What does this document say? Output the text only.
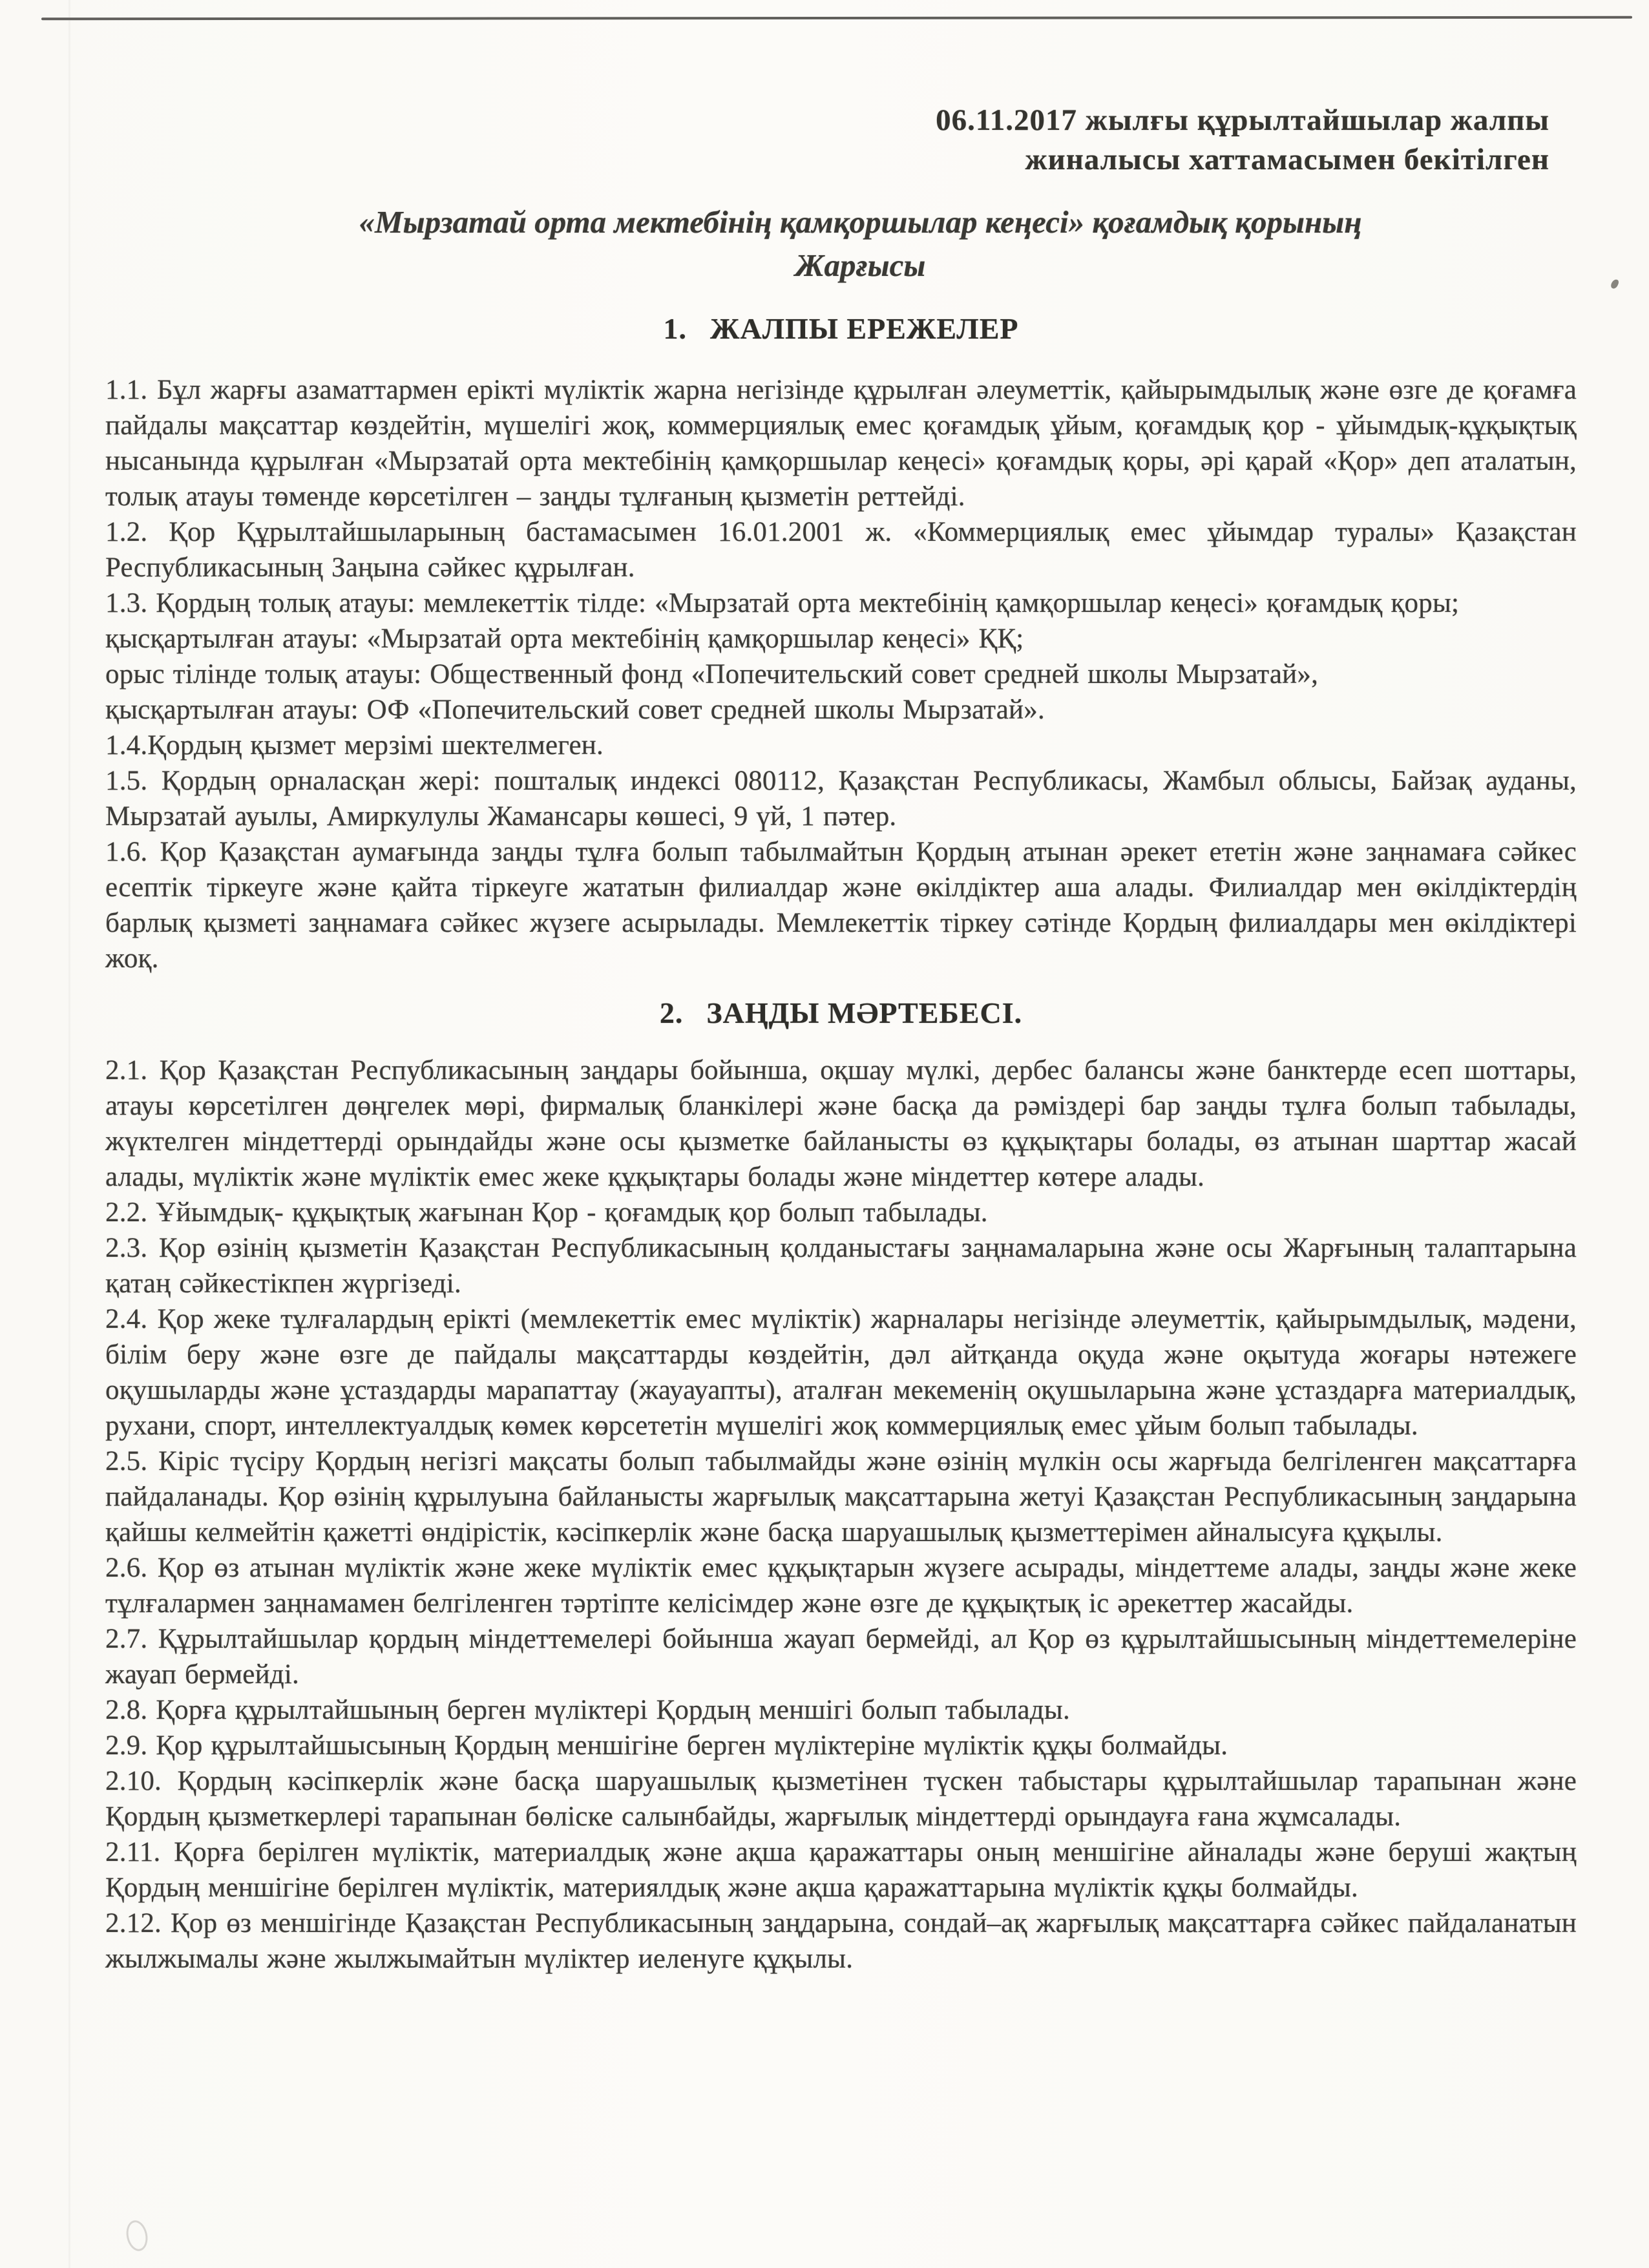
06.11.2017 жылғы құрылтайшылар жалпы
жиналысы хаттамасымен бекітілген
«Мырзатай орта мектебінің қамқоршылар кеңесі» қоғамдық қорының
Жарғысы
1. ЖАЛПЫ ЕРЕЖЕЛЕР

1.1. Бұл жарғы азаматтармен ерікті мүліктік жарна негізінде құрылған әлеуметтік, қайырымдылық және өзге де қоғамға пайдалы мақсаттар көздейтін, мүшелігі жоқ, коммерциялық емес қоғамдық ұйым, қоғамдық қор - ұйымдық-құқықтық нысанында құрылған «Мырзатай орта мектебінің қамқоршылар кеңесі» қоғамдық қоры, әрі қарай «Қор» деп аталатын, толық атауы төменде көрсетілген – заңды тұлғаның қызметін реттейді.

1.2. Қор Құрылтайшыларының бастамасымен 16.01.2001 ж. «Коммерциялық емес ұйымдар туралы» Қазақстан Республикасының Заңына сәйкес құрылған.

1.3. Қордың толық атауы: мемлекеттік тілде: «Мырзатай орта мектебінің қамқоршылар кеңесі» қоғамдық қоры;

қысқартылған атауы: «Мырзатай орта мектебінің қамқоршылар кеңесі» ҚҚ;

орыс тілінде толық атауы: Общественный фонд «Попечительский совет средней школы Мырзатай»,

қысқартылған атауы: ОФ «Попечительский совет средней школы Мырзатай».

1.4.Қордың қызмет мерзімі шектелмеген.

1.5. Қордың орналасқан жері: пошталық индексі 080112, Қазақстан Республикасы, Жамбыл облысы, Байзақ ауданы, Мырзатай ауылы, Амиркулулы Жамансары көшесі, 9 үй, 1 пәтер.

1.6. Қор Қазақстан аумағында заңды тұлға болып табылмайтын Қордың атынан әрекет ететін және заңнамаға сәйкес есептік тіркеуге және қайта тіркеуге жататын филиалдар және өкілдіктер аша алады. Филиалдар мен өкілдіктердің барлық қызметі заңнамаға сәйкес жүзеге асырылады. Мемлекеттік тіркеу сәтінде Қордың филиалдары мен өкілдіктері жоқ.

2. ЗАҢДЫ МӘРТЕБЕСІ.

2.1. Қор Қазақстан Республикасының заңдары бойынша, оқшау мүлкі, дербес балансы және банктерде есеп шоттары, атауы көрсетілген дөңгелек мөрі, фирмалық бланкілері және басқа да рәміздері бар заңды тұлға болып табылады, жүктелген міндеттерді орындайды және осы қызметке байланысты өз құқықтары болады, өз атынан шарттар жасай алады, мүліктік және мүліктік емес жеке құқықтары болады және міндеттер көтере алады.

2.2. Ұйымдық- құқықтық жағынан Қор - қоғамдық қор болып табылады.

2.3. Қор өзінің қызметін Қазақстан Республикасының қолданыстағы заңнамаларына және осы Жарғының талаптарына қатаң сәйкестікпен жүргізеді.

2.4. Қор жеке тұлғалардың ерікті (мемлекеттік емес мүліктік) жарналары негізінде әлеуметтік, қайырымдылық, мәдени, білім беру және өзге де пайдалы мақсаттарды көздейтін, дәл айтқанда оқуда және оқытуда жоғары нәтежеге оқушыларды және ұстаздарды марапаттау (жауауапты), аталған мекеменің оқушыларына және ұстаздарға материалдық, рухани, спорт, интеллектуалдық көмек көрсететін мүшелігі жоқ коммерциялық емес ұйым болып табылады.

2.5. Кіріс түсіру Қордың негізгі мақсаты болып табылмайды және өзінің мүлкін осы жарғыда белгіленген мақсаттарға пайдаланады. Қор өзінің құрылуына байланысты жарғылық мақсаттарына жетуі Қазақстан Республикасының заңдарына қайшы келмейтін қажетті өндірістік, кәсіпкерлік және басқа шаруашылық қызметтерімен айналысуға құқылы.

2.6. Қор өз атынан мүліктік және жеке мүліктік емес құқықтарын жүзеге асырады, міндеттеме алады, заңды және жеке тұлғалармен заңнамамен белгіленген тәртіпте келісімдер және өзге де құқықтық іс әрекеттер жасайды.

2.7. Құрылтайшылар қордың міндеттемелері бойынша жауап бермейді, ал Қор өз құрылтайшысының міндеттемелеріне жауап бермейді.

2.8. Қорға құрылтайшының берген мүліктері Қордың меншігі болып табылады.

2.9. Қор құрылтайшысының Қордың меншігіне берген мүліктеріне мүліктік құқы болмайды.

2.10. Қордың кәсіпкерлік және басқа шаруашылық қызметінен түскен табыстары құрылтайшылар тарапынан және Қордың қызметкерлері тарапынан бөліске салынбайды, жарғылық міндеттерді орындауға ғана жұмсалады.

2.11. Қорға берілген мүліктік, материалдық және ақша қаражаттары оның меншігіне айналады және беруші жақтың Қордың меншігіне берілген мүліктік, материялдық және ақша қаражаттарына мүліктік құқы болмайды.

2.12. Қор өз меншігінде Қазақстан Республикасының заңдарына, сондай–ақ жарғылық мақсаттарға сәйкес пайдаланатын жылжымалы және жылжымайтын мүліктер иеленуге құқылы.
